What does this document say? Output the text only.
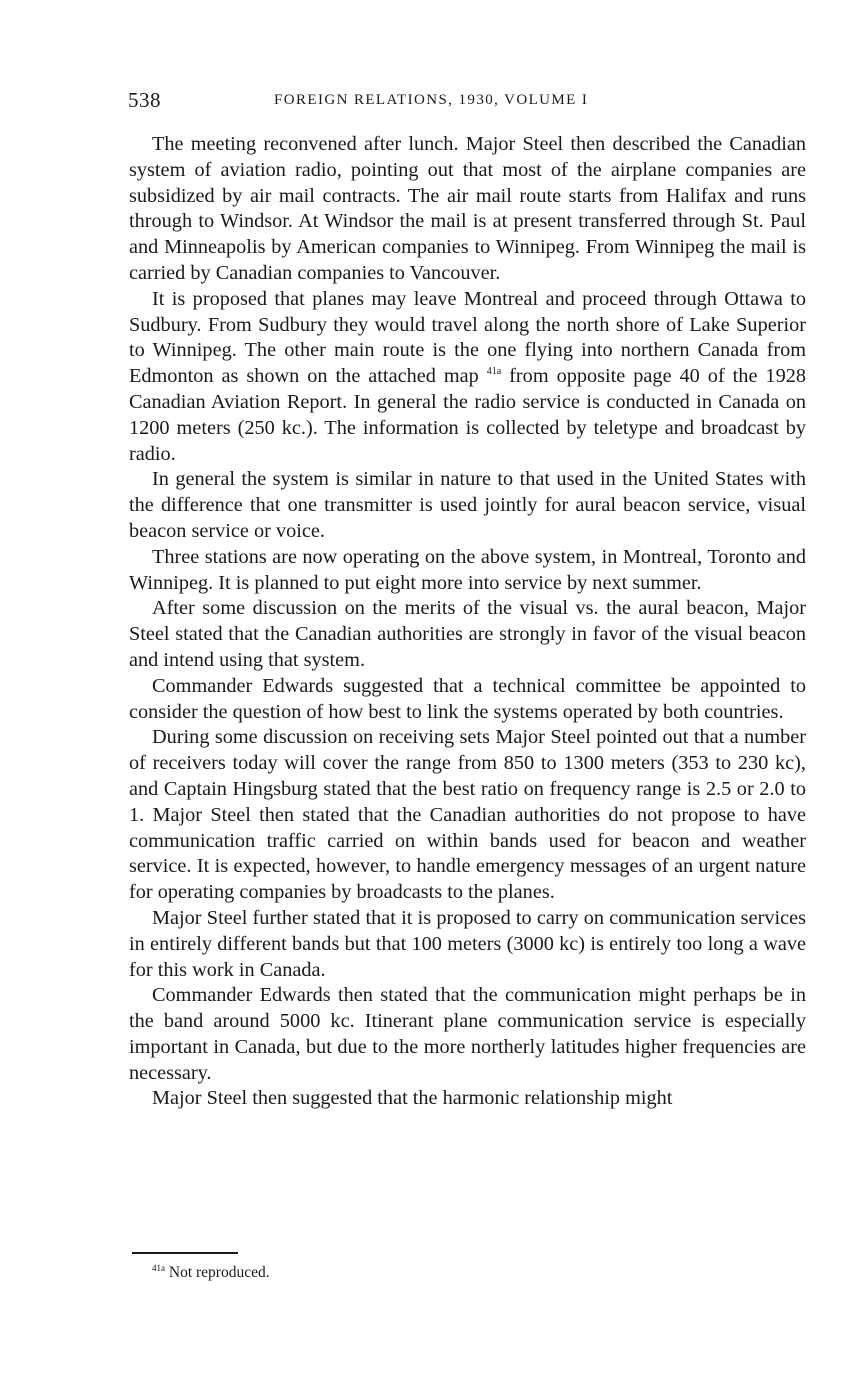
538	FOREIGN RELATIONS, 1930, VOLUME I

The meeting reconvened after lunch. Major Steel then described the Canadian system of aviation radio, pointing out that most of the airplane companies are subsidized by air mail contracts. The air mail route starts from Halifax and runs through to Windsor. At Windsor the mail is at present transferred through St. Paul and Minneapolis by American companies to Winnipeg. From Winnipeg the mail is carried by Canadian companies to Vancouver.

It is proposed that planes may leave Montreal and proceed through Ottawa to Sudbury. From Sudbury they would travel along the north shore of Lake Superior to Winnipeg. The other main route is the one flying into northern Canada from Edmonton as shown on the attached map $^{41a}$ from opposite page 40 of the 1928 Canadian Aviation Report. In general the radio service is conducted in Canada on 1200 meters (250 kc.). The information is collected by teletype and broadcast by radio.

In general the system is similar in nature to that used in the United States with the difference that one transmitter is used jointly for aural beacon service, visual beacon service or voice.

Three stations are now operating on the above system, in Montreal, Toronto and Winnipeg. It is planned to put eight more into service by next summer.

After some discussion on the merits of the visual vs. the aural beacon, Major Steel stated that the Canadian authorities are strongly in favor of the visual beacon and intend using that system.

Commander Edwards suggested that a technical committee be appointed to consider the question of how best to link the systems operated by both countries.

During some discussion on receiving sets Major Steel pointed out that a number of receivers today will cover the range from 850 to 1300 meters (353 to 230 kc), and Captain Hingsburg stated that the best ratio on frequency range is 2.5 or 2.0 to 1. Major Steel then stated that the Canadian authorities do not propose to have communication traffic carried on within bands used for beacon and weather service. It is expected, however, to handle emergency messages of an urgent nature for operating companies by broadcasts to the planes.

Major Steel further stated that it is proposed to carry on communication services in entirely different bands but that 100 meters (3000 kc) is entirely too long a wave for this work in Canada.

Commander Edwards then stated that the communication might perhaps be in the band around 5000 kc. Itinerant plane communication service is especially important in Canada, but due to the more northerly latitudes higher frequencies are necessary.

Major Steel then suggested that the harmonic relationship might

$^{41a}$ Not reproduced.
